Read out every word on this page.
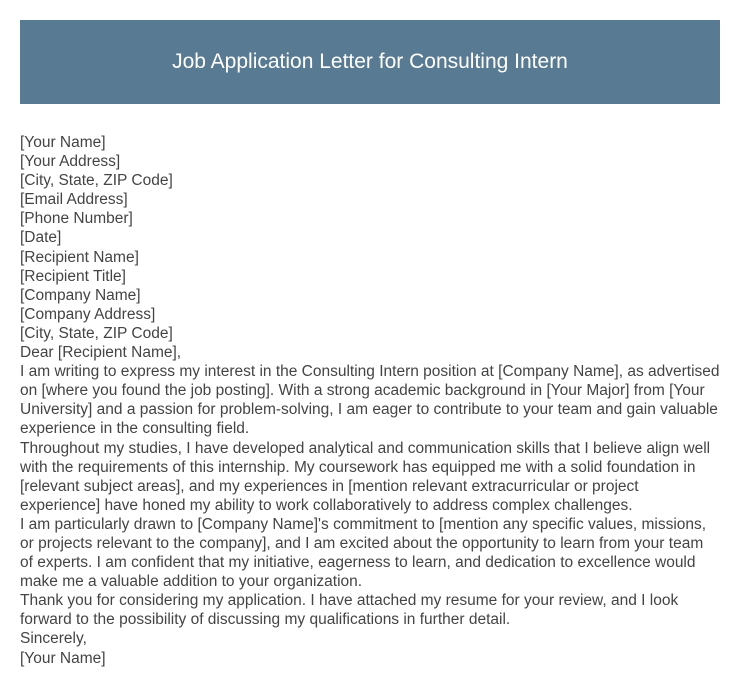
Job Application Letter for Consulting Intern

[Your Name]

[Your Address]

[City, State, ZIP Code]

[Email Address]

[Phone Number]

[Date]

[Recipient Name]

[Recipient Title]

[Company Name]

[Company Address]

[City, State, ZIP Code]

Dear [Recipient Name],

I am writing to express my interest in the Consulting Intern position at [Company Name], as advertised on [where you found the job posting]. With a strong academic background in [Your Major] from [Your University] and a passion for problem-solving, I am eager to contribute to your team and gain valuable experience in the consulting field.

Throughout my studies, I have developed analytical and communication skills that I believe align well with the requirements of this internship. My coursework has equipped me with a solid foundation in [relevant subject areas], and my experiences in [mention relevant extracurricular or project experience] have honed my ability to work collaboratively to address complex challenges.

I am particularly drawn to [Company Name]'s commitment to [mention any specific values, missions, or projects relevant to the company], and I am excited about the opportunity to learn from your team of experts. I am confident that my initiative, eagerness to learn, and dedication to excellence would make me a valuable addition to your organization.

Thank you for considering my application. I have attached my resume for your review, and I look forward to the possibility of discussing my qualifications in further detail.

Sincerely,

[Your Name]
